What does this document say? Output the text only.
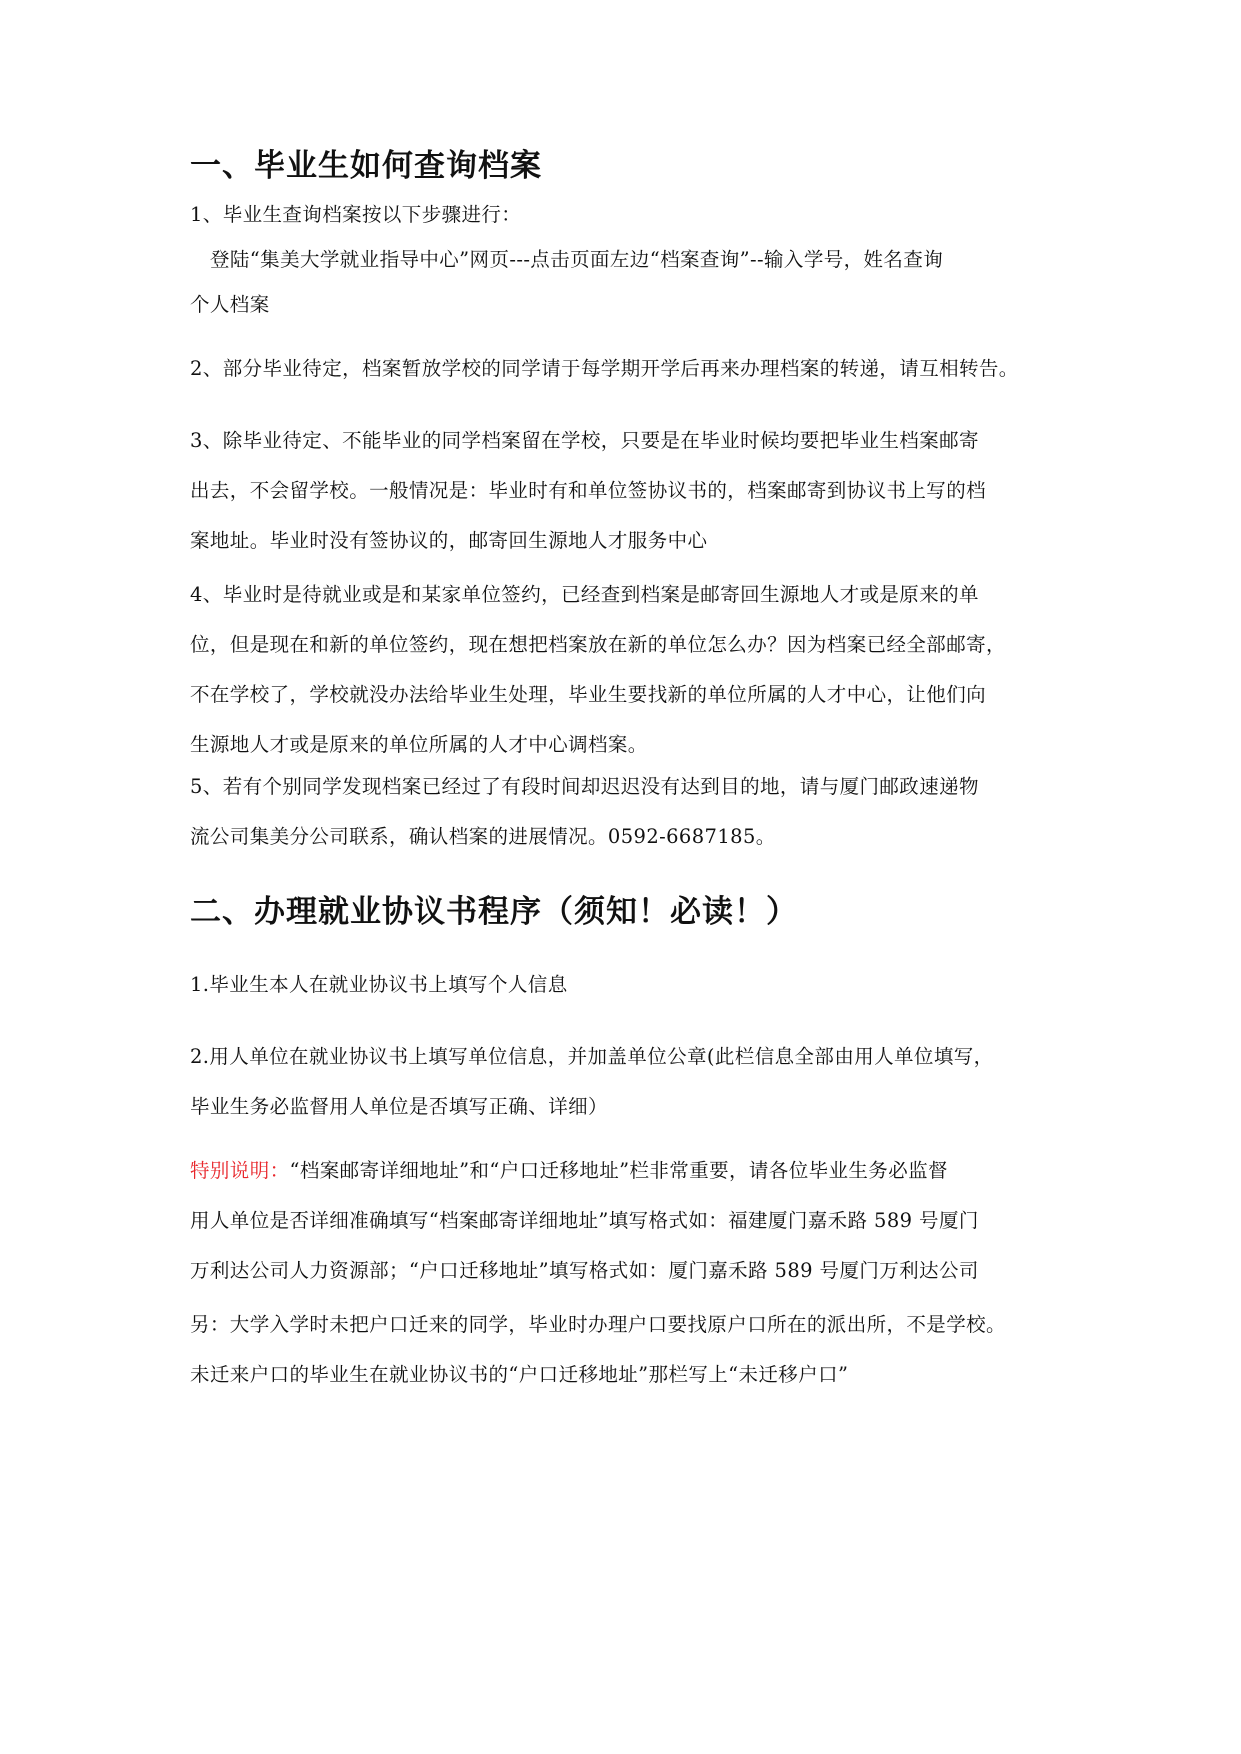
一、毕业生如何查询档案

1、毕业生查询档案按以下步骤进行：

登陆“集美大学就业指导中心”网页---点击页面左边“档案查询”--输入学号，姓名查询
个人档案

2、部分毕业待定，档案暂放学校的同学请于每学期开学后再来办理档案的转递，请互相转告。

3、除毕业待定、不能毕业的同学档案留在学校，只要是在毕业时候均要把毕业生档案邮寄
出去，不会留学校。一般情况是：毕业时有和单位签协议书的，档案邮寄到协议书上写的档
案地址。毕业时没有签协议的，邮寄回生源地人才服务中心

4、毕业时是待就业或是和某家单位签约，已经查到档案是邮寄回生源地人才或是原来的单
位，但是现在和新的单位签约，现在想把档案放在新的单位怎么办？因为档案已经全部邮寄，
不在学校了，学校就没办法给毕业生处理，毕业生要找新的单位所属的人才中心，让他们向
生源地人才或是原来的单位所属的人才中心调档案。

5、若有个别同学发现档案已经过了有段时间却迟迟没有达到目的地，请与厦门邮政速递物
流公司集美分公司联系，确认档案的进展情况。0592-6687185。

二、办理就业协议书程序（须知！必读！）

1.毕业生本人在就业协议书上填写个人信息

2.用人单位在就业协议书上填写单位信息，并加盖单位公章(此栏信息全部由用人单位填写，
毕业生务必监督用人单位是否填写正确、详细）

特别说明：“档案邮寄详细地址”和“户口迁移地址”栏非常重要，请各位毕业生务必监督
用人单位是否详细准确填写“档案邮寄详细地址”填写格式如：福建厦门嘉禾路 589 号厦门
万利达公司人力资源部；“户口迁移地址”填写格式如：厦门嘉禾路 589 号厦门万利达公司

另：大学入学时未把户口迁来的同学，毕业时办理户口要找原户口所在的派出所，不是学校。
未迁来户口的毕业生在就业协议书的“户口迁移地址”那栏写上“未迁移户口”
